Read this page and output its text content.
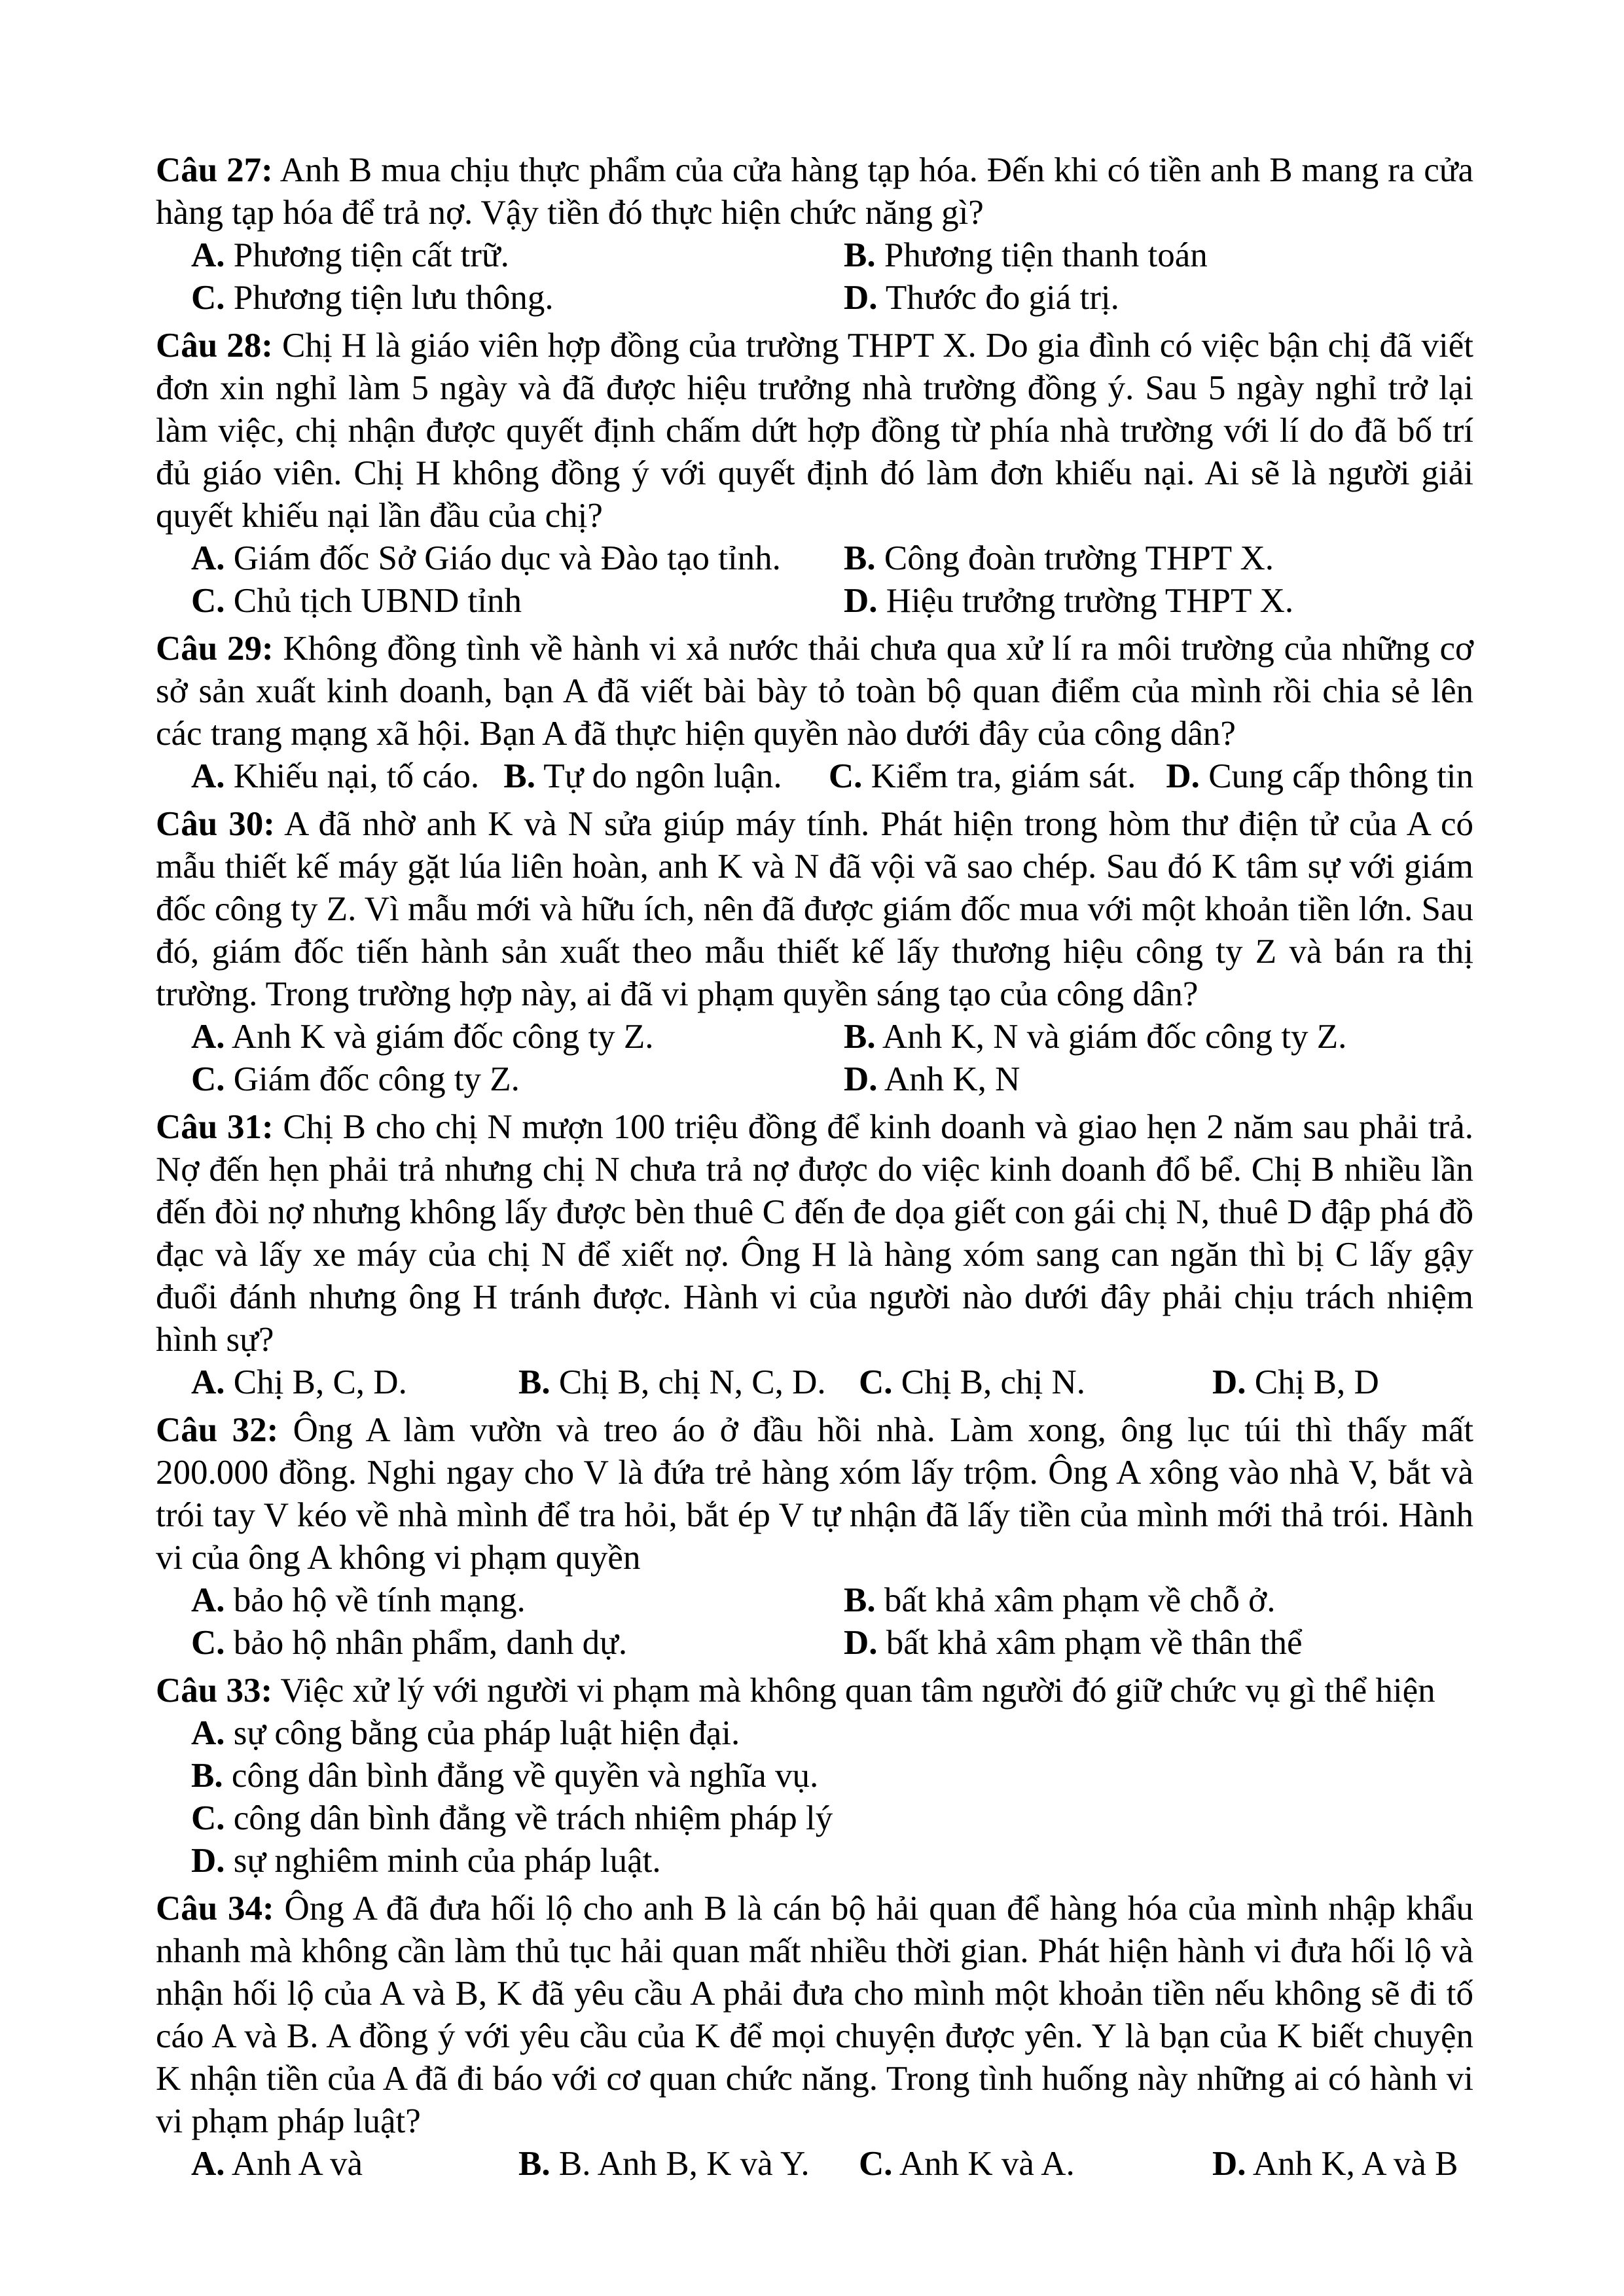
Câu 27: Anh B mua chịu thực phẩm của cửa hàng tạp hóa. Đến khi có tiền anh B mang ra cửa hàng tạp hóa để trả nợ. Vậy tiền đó thực hiện chức năng gì?

A. Phương tiện cất trữ.	B. Phương tiện thanh toán
C. Phương tiện lưu thông.	D. Thước đo giá trị.

Câu 28: Chị H là giáo viên hợp đồng của trường THPT X. Do gia đình có việc bận chị đã viết đơn xin nghỉ làm 5 ngày và đã được hiệu trưởng nhà trường đồng ý. Sau 5 ngày nghỉ trở lại làm việc, chị nhận được quyết định chấm dứt hợp đồng từ phía nhà trường với lí do đã bố trí đủ giáo viên. Chị H không đồng ý với quyết định đó làm đơn khiếu nại. Ai sẽ là người giải quyết khiếu nại lần đầu của chị?

A. Giám đốc Sở Giáo dục và Đào tạo tỉnh.	B. Công đoàn trường THPT X.
C. Chủ tịch UBND tỉnh	D. Hiệu trưởng trường THPT X.

Câu 29: Không đồng tình về hành vi xả nước thải chưa qua xử lí ra môi trường của những cơ sở sản xuất kinh doanh, bạn A đã viết bài bày tỏ toàn bộ quan điểm của mình rồi chia sẻ lên các trang mạng xã hội. Bạn A đã thực hiện quyền nào dưới đây của công dân?

A. Khiếu nại, tố cáo. B. Tự do ngôn luận.	C. Kiểm tra, giám sát. D. Cung cấp thông tin

Câu 30: A đã nhờ anh K và N sửa giúp máy tính. Phát hiện trong hòm thư điện tử của A có mẫu thiết kế máy gặt lúa liên hoàn, anh K và N đã vội vã sao chép. Sau đó K tâm sự với giám đốc công ty Z. Vì mẫu mới và hữu ích, nên đã được giám đốc mua với một khoản tiền lớn. Sau đó, giám đốc tiến hành sản xuất theo mẫu thiết kế lấy thương hiệu công ty Z và bán ra thị trường. Trong trường hợp này, ai đã vi phạm quyền sáng tạo của công dân?

A. Anh K và giám đốc công ty Z.	B. Anh K, N và giám đốc công ty Z.
C. Giám đốc công ty Z.	D. Anh K, N

Câu 31: Chị B cho chị N mượn 100 triệu đồng để kinh doanh và giao hẹn 2 năm sau phải trả. Nợ đến hẹn phải trả nhưng chị N chưa trả nợ được do việc kinh doanh đổ bể. Chị B nhiều lần đến đòi nợ nhưng không lấy được bèn thuê C đến đe dọa giết con gái chị N, thuê D đập phá đồ đạc và lấy xe máy của chị N để xiết nợ. Ông H là hàng xóm sang can ngăn thì bị C lấy gậy đuổi đánh nhưng ông H tránh được. Hành vi của người nào dưới đây phải chịu trách nhiệm hình sự?

A. Chị B, C, D.	B. Chị B, chị N, C, D. C. Chị B, chị N.	D. Chị B, D

Câu 32: Ông A làm vườn và treo áo ở đầu hồi nhà. Làm xong, ông lục túi thì thấy mất 200.000 đồng. Nghi ngay cho V là đứa trẻ hàng xóm lấy trộm. Ông A xông vào nhà V, bắt và trói tay V kéo về nhà mình để tra hỏi, bắt ép V tự nhận đã lấy tiền của mình mới thả trói. Hành vi của ông A không vi phạm quyền

A. bảo hộ về tính mạng.	B. bất khả xâm phạm về chỗ ở.
C. bảo hộ nhân phẩm, danh dự.	D. bất khả xâm phạm về thân thể

Câu 33: Việc xử lý với người vi phạm mà không quan tâm người đó giữ chức vụ gì thể hiện

A. sự công bằng của pháp luật hiện đại.
B. công dân bình đẳng về quyền và nghĩa vụ.
C. công dân bình đẳng về trách nhiệm pháp lý
D. sự nghiêm minh của pháp luật.

Câu 34: Ông A đã đưa hối lộ cho anh B là cán bộ hải quan để hàng hóa của mình nhập khẩu nhanh mà không cần làm thủ tục hải quan mất nhiều thời gian. Phát hiện hành vi đưa hối lộ và nhận hối lộ của A và B, K đã yêu cầu A phải đưa cho mình một khoản tiền nếu không sẽ đi tố cáo A và B. A đồng ý với yêu cầu của K để mọi chuyện được yên. Y là bạn của K biết chuyện K nhận tiền của A đã đi báo với cơ quan chức năng. Trong tình huống này những ai có hành vi vi phạm pháp luật?

A. Anh A và	B. B. Anh B, K và Y.	C. Anh K và A.	D. Anh K, A và B
